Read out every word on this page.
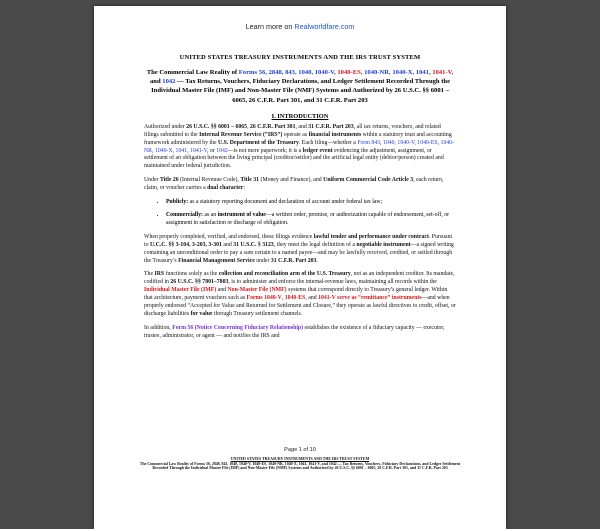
Learn more on Realworldfare.com
UNITED STATES TREASURY INSTRUMENTS AND THE IRS TRUST SYSTEM
The Commercial Law Reality of Forms 56, 2848, 843, 1040, 1040-V, 1040-ES, 1040-NR, 1040-X, 1041, 1041-V, and 1042 — Tax Returns, Vouchers, Fiduciary Declarations, and Ledger Settlement Recorded Through the Individual Master File (IMF) and Non-Master File (NMF) Systems and Authorized by 26 U.S.C. §§ 6001 – 6065, 26 C.F.R. Part 301, and 31 C.F.R. Part 203
I. INTRODUCTION

Authorized under 26 U.S.C. §§ 6001 – 6065, 26 C.F.R. Part 301, and 31 C.F.R. Part 203, all tax returns, vouchers, and related filings submitted to the Internal Revenue Service (“IRS”) operate as financial instruments within a statutory trust and accounting framework administered by the U.S. Department of the Treasury. Each filing—whether a Form 843, 1040, 1040-V, 1040-ES, 1040-NR, 1040-X, 1041, 1041-V, or 1042—is not mere paperwork; it is a ledger event evidencing the adjustment, assignment, or settlement of an obligation between the living principal (creditor/settlor) and the artificial legal entity (debtor/person) created and maintained under federal jurisdiction.

Under Title 26 (Internal Revenue Code), Title 31 (Money and Finance), and Uniform Commercial Code Article 3, each return, claim, or voucher carries a dual character:

• Publicly: as a statutory reporting document and declaration of account under federal tax law;
• Commercially: as an instrument of value—a written order, promise, or authorization capable of endorsement, set-off, or assignment in satisfaction or discharge of obligation.

When properly completed, verified, and endorsed, these filings evidence lawful tender and performance under contract. Pursuant to U.C.C. §§ 3-104, 3-203, 3-301 and 31 U.S.C. § 3123, they meet the legal definition of a negotiable instrument—a signed writing containing an unconditional order to pay a sum certain to a named payee—and may be lawfully received, credited, or settled through the Treasury’s Financial Management Service under 31 C.F.R. Part 203.

The IRS functions solely as the collection and reconciliation arm of the U.S. Treasury, not as an independent creditor. Its mandate, codified in 26 U.S.C. §§ 7801–7803, is to administer and enforce the internal-revenue laws, maintaining all records within the Individual Master File (IMF) and Non-Master File (NMF) systems that correspond directly to Treasury’s general ledger. Within that architecture, payment vouchers such as Forms 1040-V, 1040-ES, and 1041-V serve as “remittance” instruments—and when properly endorsed “Accepted for Value and Returned for Settlement and Closure,” they operate as lawful directives to credit, offset, or discharge liabilities for value through Treasury settlement channels.

In addition, Form 56 (Notice Concerning Fiduciary Relationship) establishes the existence of a fiduciary capacity — executor, trustee, administrator, or agent — and notifies the IRS and

Page 1 of 10
UNITED STATES TREASURY INSTRUMENTS AND THE IRS TRUST SYSTEM
The Commercial Law Reality of Forms 56, 2848, 843, 1040, 1040-V, 1040-ES, 1040-NR, 1040-X, 1041, 1041-V, and 1042 — Tax Returns, Vouchers, Fiduciary Declarations, and Ledger Settlement Recorded Through the Individual Master File (IMF) and Non-Master File (NMF) Systems and Authorized by 26 U.S.C. §§ 6001 – 6065, 26 C.F.R. Part 301, and 31 C.F.R. Part 203
